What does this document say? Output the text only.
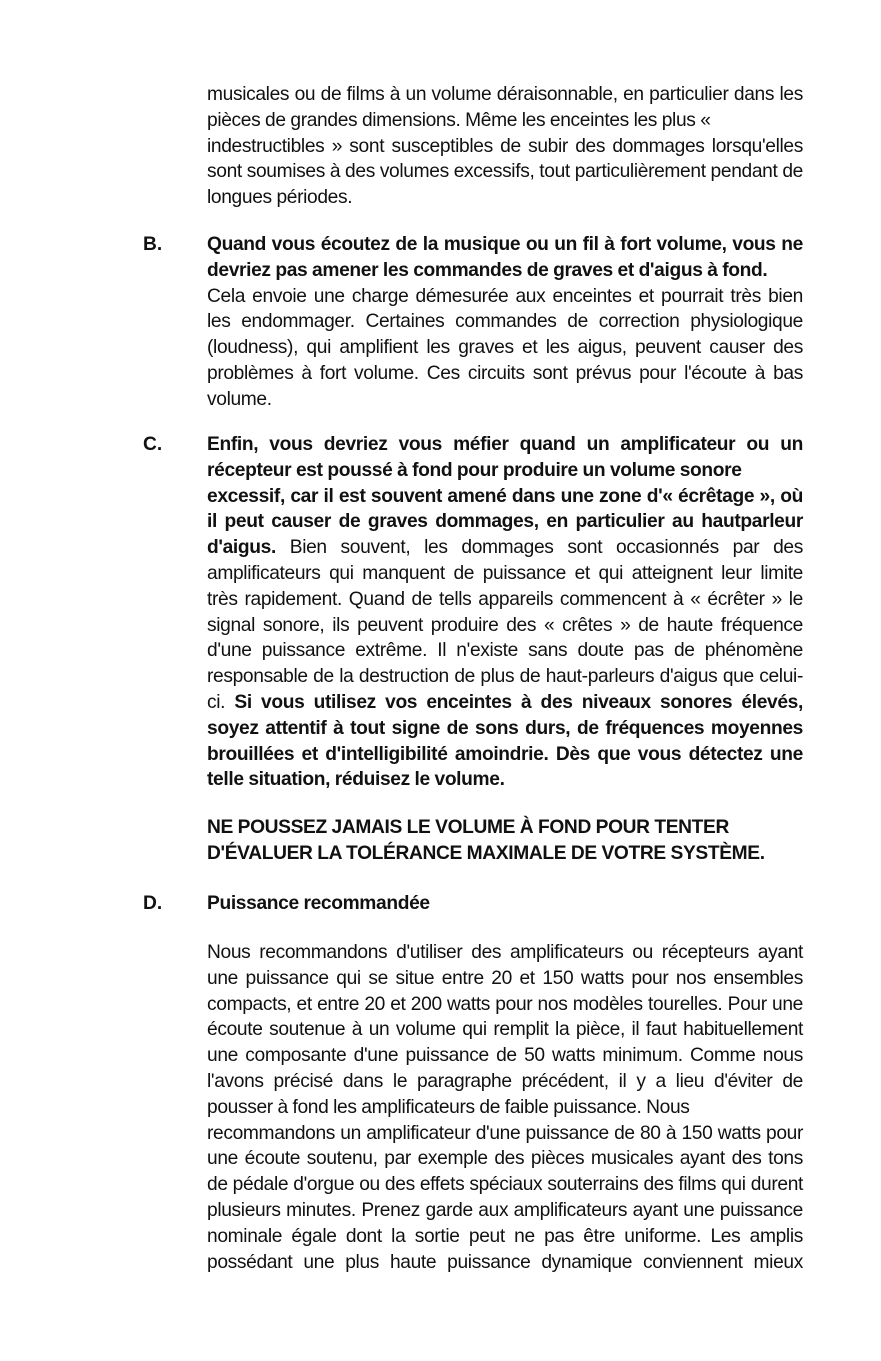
musicales ou de films à un volume déraisonnable, en particulier dans les
pièces de grandes dimensions. Même les enceintes les plus «
indestructibles » sont susceptibles de subir des dommages lorsqu'elles
sont soumises à des volumes excessifs, tout particulièrement pendant de
longues périodes.
B. Quand vous écoutez de la musique ou un fil à fort volume, vous ne
devriez pas amener les commandes de graves et d'aigus à fond.
Cela envoie une charge démesurée aux enceintes et pourrait très bien
les endommager. Certaines commandes de correction physiologique
(loudness), qui amplifient les graves et les aigus, peuvent causer des
problèmes à fort volume. Ces circuits sont prévus pour l'écoute à bas
volume.
C. Enfin, vous devriez vous méfier quand un amplificateur ou un
récepteur est poussé à fond pour produire un volume sonore
excessif, car il est souvent amené dans une zone d'« écrêtage », où
il peut causer de graves dommages, en particulier au hautparleur
d'aigus. Bien souvent, les dommages sont occasionnés par des
amplificateurs qui manquent de puissance et qui atteignent leur limite
très rapidement. Quand de tells appareils commencent à « écrêter » le
signal sonore, ils peuvent produire des « crêtes » de haute fréquence
d'une puissance extrême. Il n'existe sans doute pas de phénomène
responsable de la destruction de plus de haut-parleurs d'aigus que celui-
ci. Si vous utilisez vos enceintes à des niveaux sonores élevés,
soyez attentif à tout signe de sons durs, de fréquences moyennes
brouillées et d'intelligibilité amoindrie. Dès que vous détectez une
telle situation, réduisez le volume.
NE POUSSEZ JAMAIS LE VOLUME À FOND POUR TENTER
D'ÉVALUER LA TOLÉRANCE MAXIMALE DE VOTRE SYSTÈME.
D. Puissance recommandée
Nous recommandons d'utiliser des amplificateurs ou récepteurs ayant
une puissance qui se situe entre 20 et 150 watts pour nos ensembles
compacts, et entre 20 et 200 watts pour nos modèles tourelles. Pour une
écoute soutenue à un volume qui remplit la pièce, il faut habituellement
une composante d'une puissance de 50 watts minimum. Comme nous
l'avons précisé dans le paragraphe précédent, il y a lieu d'éviter de
pousser à fond les amplificateurs de faible puissance. Nous
recommandons un amplificateur d'une puissance de 80 à 150 watts pour
une écoute soutenu, par exemple des pièces musicales ayant des tons
de pédale d'orgue ou des effets spéciaux souterrains des films qui durent
plusieurs minutes. Prenez garde aux amplificateurs ayant une puissance
nominale égale dont la sortie peut ne pas être uniforme. Les amplis
possédant une plus haute puissance dynamique conviennent mieux
